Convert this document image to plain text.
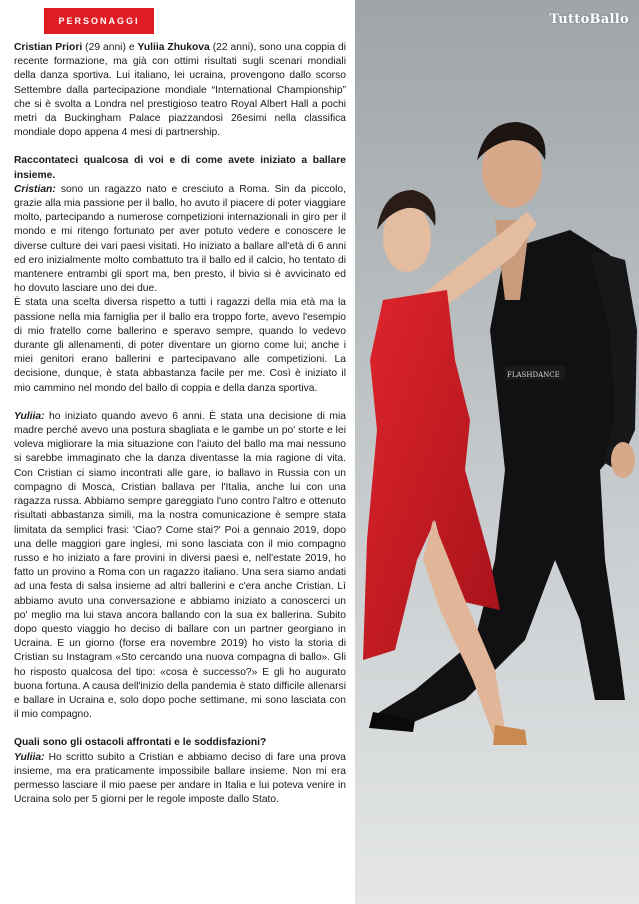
PERSONAGGI

Cristian Priori (29 anni) e Yuliia Zhukova (22 anni), sono una coppia di recente formazione, ma già con ottimi risultati sugli scenari mondiali della danza sportiva. Lui italiano, lei ucraina, provengono dallo scorso Settembre dalla partecipazione mondiale “International Championship” che si è svolta a Londra nel prestigioso teatro Royal Albert Hall a pochi metri da Buckingham Palace piazzandosi 26esimi nella classifica mondiale dopo appena 4 mesi di partnership.

Raccontateci qualcosa di voi e di come avete iniziato a ballare insieme.

Cristian: sono un ragazzo nato e cresciuto a Roma. Sin da piccolo, grazie alla mia passione per il ballo, ho avuto il piacere di poter viaggiare molto, partecipando a numerose competizioni internazionali in giro per il mondo e mi ritengo fortunato per aver potuto vedere e conoscere le diverse culture dei vari paesi visitati. Ho iniziato a ballare all'età di 6 anni ed ero inizialmente molto combattuto tra il ballo ed il calcio, ho tentato di mantenere entrambi gli sport ma, ben presto, il bivio si è avvicinato ed ho dovuto lasciare uno dei due.

È stata una scelta diversa rispetto a tutti i ragazzi della mia età ma la passione nella mia famiglia per il ballo era troppo forte, avevo l'esempio di mio fratello come ballerino e speravo sempre, quando lo vedevo durante gli allenamenti, di poter diventare un giorno come lui; anche i miei genitori erano ballerini e partecipavano alle competizioni. La decisione, dunque, è stata abbastanza facile per me. Così è iniziato il mio cammino nel mondo del ballo di coppia e della danza sportiva.

Yuliia: ho iniziato quando avevo 6 anni. È stata una decisione di mia madre perché avevo una postura sbagliata e le gambe un po' storte e lei voleva migliorare la mia situazione con l'aiuto del ballo ma mai nessuno si sarebbe immaginato che la danza diventasse la mia ragione di vita. Con Cristian ci siamo incontrati alle gare, io ballavo in Russia con un compagno di Mosca, Cristian ballava per l'Italia, anche lui con una ragazza russa. Abbiamo sempre gareggiato l'uno contro l'altro e ottenuto risultati abbastanza simili, ma la nostra comunicazione è sempre stata limitata da semplici frasi: 'Ciao? Come stai?' Poi a gennaio 2019, dopo una delle maggiori gare inglesi, mi sono lasciata con il mio compagno russo e ho iniziato a fare provini in diversi paesi e, nell'estate 2019, ho fatto un provino a Roma con un ragazzo italiano. Una sera siamo andati ad una festa di salsa insieme ad altri ballerini e c'era anche Cristian. Lì abbiamo avuto una conversazione e abbiamo iniziato a conoscerci un po' meglio ma lui stava ancora ballando con la sua ex ballerina. Subito dopo questo viaggio ho deciso di ballare con un partner georgiano in Ucraina. E un giorno (forse era novembre 2019) ho visto la storia di Cristian su Instagram «Sto cercando una nuova compagna di ballo». Gli ho risposto qualcosa del tipo: «cosa è successo?» E gli ho augurato buona fortuna. A causa dell'inizio della pandemia è stato difficile allenarsi e ballare in Ucraina e, solo dopo poche settimane, mi sono lasciata con il mio compagno.

Quali sono gli ostacoli affrontati e le soddisfazioni?

Yuliia: Ho scritto subito a Cristian e abbiamo deciso di fare una prova insieme, ma era praticamente impossibile ballare insieme. Non mi era permesso lasciare il mio paese per andare in Italia e lui poteva venire in Ucraina solo per 5 giorni per le regole imposte dallo Stato.

FLASHDANCE
TuttoBallo
